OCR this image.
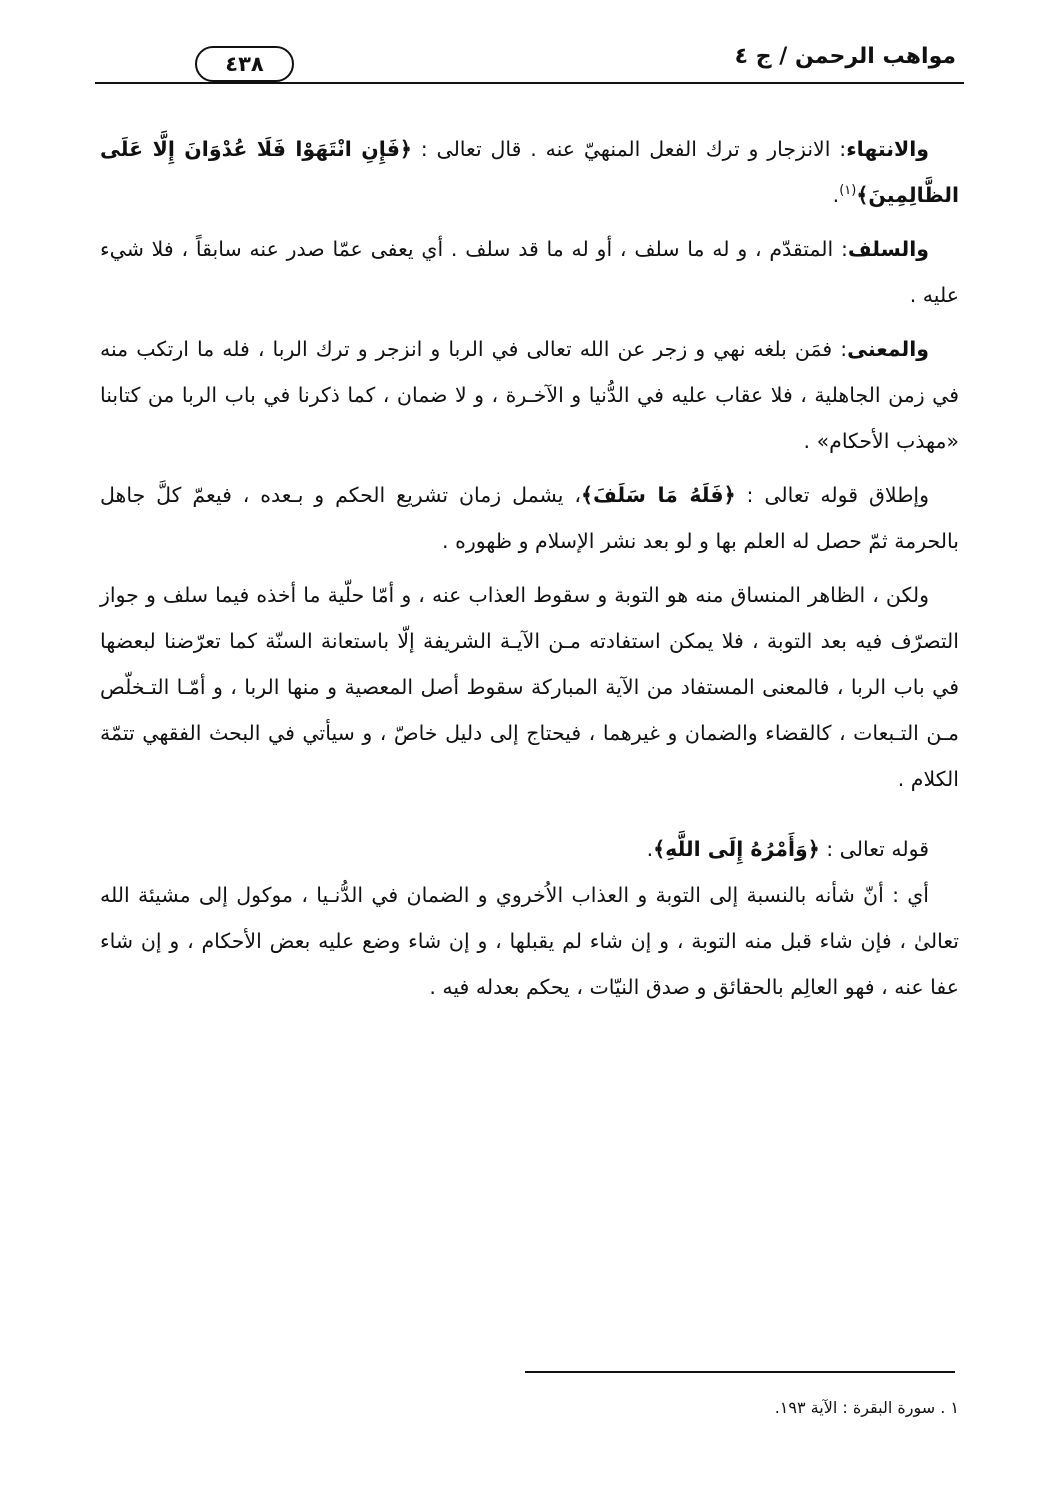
مواهب الرحمن / ج ٤
٤٣٨

والانتهاء: الانزجار و ترك الفعل المنهيّ عنه . قال تعالى : ﴿فَإِنِ انْتَهَوْا فَلَا عُدْوَانَ إِلَّا عَلَى الظَّالِمِينَ﴾$^{(١)}$.

والسلف: المتقدّم ، و له ما سلف ، أو له ما قد سلف . أي يعفى عمّا صدر عنه سابقاً ، فلا شيء عليه .

والمعنى: فمَن بلغه نهي و زجر عن الله تعالى في الربا و انزجر و ترك الربا ، فله ما ارتكب منه في زمن الجاهلية ، فلا عقاب عليه في الدُّنيا و الآخـرة ، و لا ضمان ، كما ذكرنا في باب الربا من كتابنا «مهذب الأحكام» .

وإطلاق قوله تعالى : ﴿فَلَهُ مَا سَلَفَ﴾، يشمل زمان تشريع الحكم و بـعده ، فيعمّ كلَّ جاهل بالحرمة ثمّ حصل له العلم بها و لو بعد نشر الإسلام و ظهوره .

ولكن ، الظاهر المنساق منه هو التوبة و سقوط العذاب عنه ، و أمّا حلّية ما أخذه فيما سلف و جواز التصرّف فيه بعد التوبة ، فلا يمكن استفادته مـن الآيـة الشريفة إلّا باستعانة السنّة كما تعرّضنا لبعضها في باب الربا ، فالمعنى المستفاد من الآية المباركة سقوط أصل المعصية و منها الربا ، و أمّـا التـخلّص مـن التـبعات ، كالقضاء والضمان و غيرهما ، فيحتاج إلى دليل خاصّ ، و سيأتي في البحث الفقهي تتمّة الكلام .

قوله تعالى : ﴿وَأَمْرُهُ إِلَى اللَّهِ﴾.

أي : أنّ شأنه بالنسبة إلى التوبة و العذاب الاُخروي و الضمان في الدُّنـيا ، موكول إلى مشيئة الله تعالىٰ ، فإن شاء قبل منه التوبة ، و إن شاء لم يقبلها ، و إن شاء وضع عليه بعض الأحكام ، و إن شاء عفا عنه ، فهو العالِم بالحقائق و صدق النيّات ، يحكم بعدله فيه .

١ . سورة البقرة : الآية ١٩٣.
